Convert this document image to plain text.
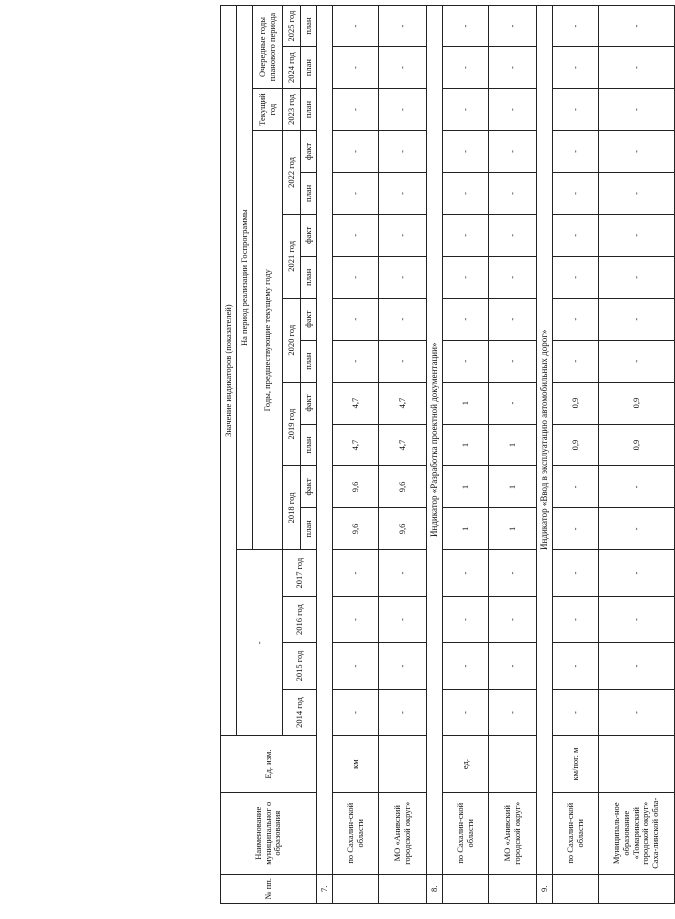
№ пп.	Наименование муниципальног о образования	Ед. изм.	Значение индикаторов (показателей)																
			-				На период реализации Госпрограммы												
							Годы, предшествующие текущему году										Текущий год	Очередные годы планового периода	
			2014 год	2015 год	2016 год	2017 год	2018 год		2019 год		2020 год		2021 год		2022 год		2023 год	2024 год	2025 год
							план	факт	план	факт	план	факт	план	факт	план	факт	план	план	план
7.																			
	по Сахалин-ской области	км	-	-	-	-	9,6	9,6	4,7	4,7	-	-	-	-	-	-	-	-	-
	МО «Анивский городской округ»		-	-	-	-	9,6	9,6	4,7	4,7	-	-	-	-	-	-	-	-	-
8.	Индикатор «Разработка проектной документации»																		
	по Сахалин-ской области	ед.	-	-	-	-	1	1	1	1	-	-	-	-	-	-	-	-	-
	МО «Анивский городской округ»		-	-	-	-	1	1	1	-	-	-	-	-	-	-	-	-	-
9.	Индикатор «Ввод в эксплуатацию автомобильных дорог»																		
	по Сахалин-ской области	км/пог. м	-	-	-	-	-	-	0,9	0,9	-	-	-	-	-	-	-	-	-
	Муниципаль-ное образование «Томаринский городской округ» Саха-линской обла-		-	-	-	-	-	-	0,9	0,9	-	-	-	-	-	-	-	-	-
